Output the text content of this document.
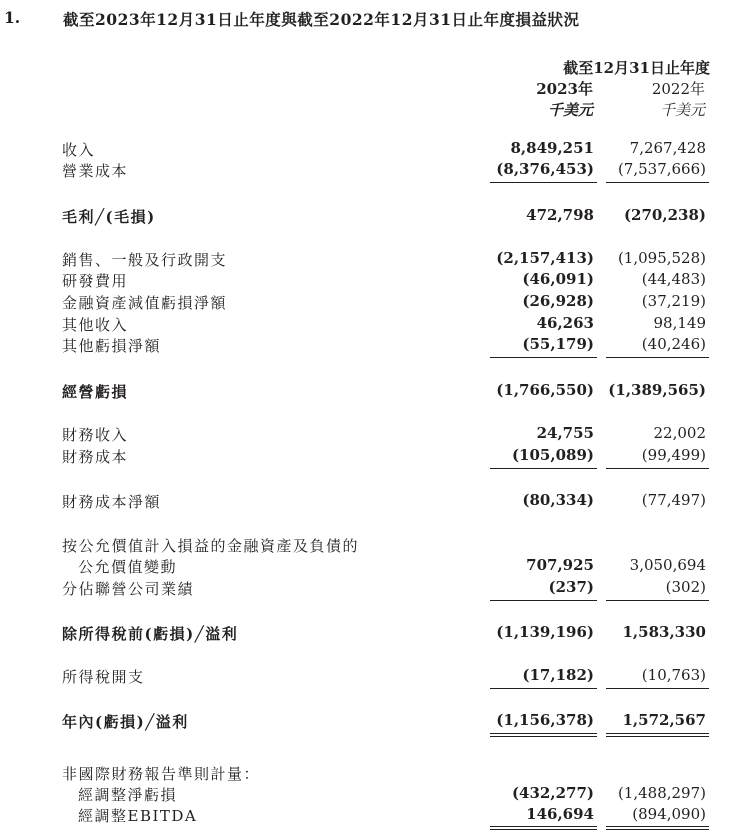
1.	截至2023年12月31日止年度與截至2022年12月31日止年度損益狀況
截至12月31日止年度
2023年	2022年
千美元	千美元
收入	8,849,251 7,267,428
營業成本	(8,376,453) (7,537,666)
毛利╱(毛損)	472,798 (270,238)
銷售、一般及行政開支	(2,157,413) (1,095,528)
研發費用	(46,091)	(44,483)
金融資產減值虧損淨額	(26,928)	(37,219)
其他收入	46,263	98,149
其他虧損淨額	(55,179)	(40,246)
經營虧損	(1,766,550) (1,389,565)
財務收入	24,755	22,002
財務成本	(105,089)	(99,499)
財務成本淨額	(80,334)	(77,497)
按公允價值計入損益的金融資產及負債的
公允價值變動	707,925 3,050,694
分佔聯營公司業績	(237)	(302)
除所得稅前(虧損)╱溢利	(1,139,196) 1,583,330
所得稅開支	(17,182)	(10,763)
年內(虧損)╱溢利	(1,156,378) 1,572,567
非國際財務報告準則計量：
經調整淨虧損	(432,277) (1,488,297)
經調整EBITDA	146,694	(894,090)
